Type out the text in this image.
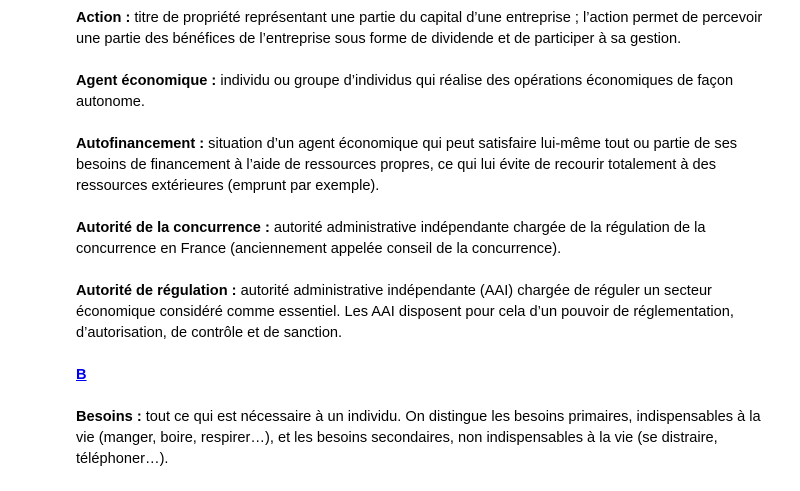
Action : titre de propriété représentant une partie du capital d’une entreprise ; l’action permet de percevoir une partie des bénéfices de l’entreprise sous forme de dividende et de participer à sa gestion.

Agent économique : individu ou groupe d’individus qui réalise des opérations économiques de façon autonome.

Autofinancement : situation d’un agent économique qui peut satisfaire lui-même tout ou partie de ses besoins de financement à l’aide de ressources propres, ce qui lui évite de recourir totalement à des ressources extérieures (emprunt par exemple).

Autorité de la concurrence : autorité administrative indépendante chargée de la régulation de la concurrence en France (anciennement appelée conseil de la concurrence).

Autorité de régulation : autorité administrative indépendante (AAI) chargée de réguler un secteur économique considéré comme essentiel. Les AAI disposent pour cela d’un pouvoir de réglementation, d’autorisation, de contrôle et de sanction.

B

Besoins : tout ce qui est nécessaire à un individu. On distingue les besoins primaires, indispensables à la vie (manger, boire, respirer…), et les besoins secondaires, non indispensables à la vie (se distraire, téléphoner…).
